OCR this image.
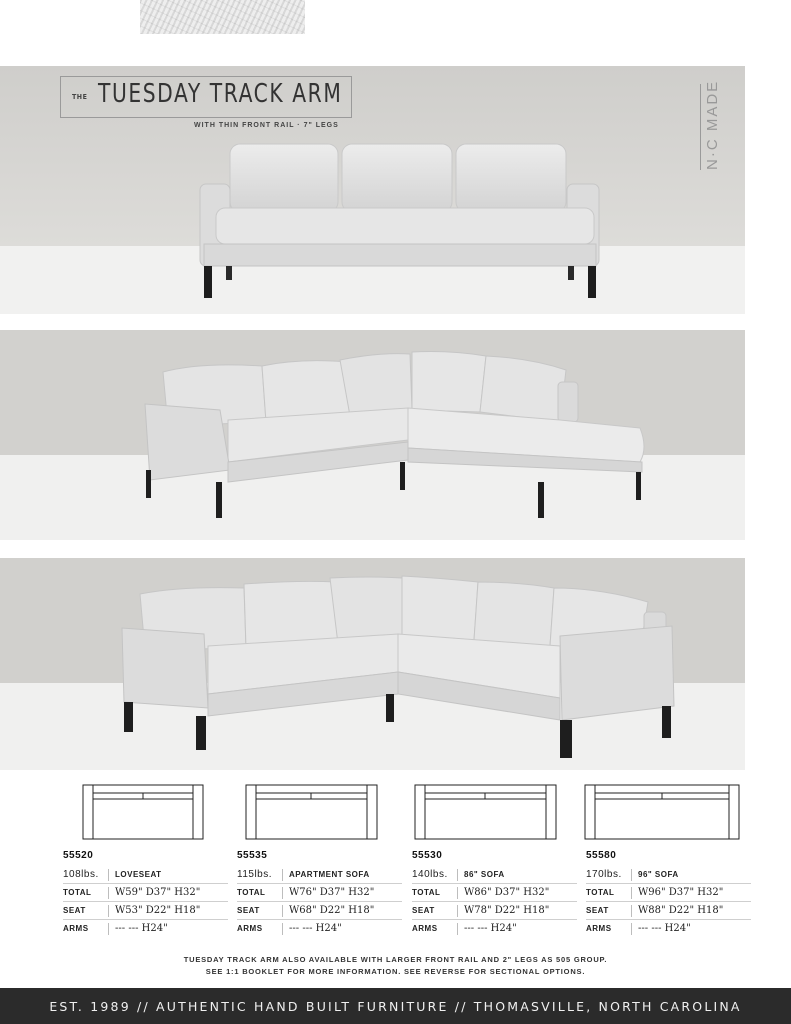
THE TUESDAY TRACK ARM
WITH THIN FRONT RAIL · 7" LEGS	N·C MADE
55520
108lbs.	LOVESEAT
TOTAL	W59" D37" H32"
SEAT	W53" D22" H18"
ARMS	--- --- H24"
55535
115lbs.	APARTMENT SOFA
TOTAL	W76" D37" H32"
SEAT	W68" D22" H18"
ARMS	--- --- H24"
55530
140lbs.	86" SOFA
TOTAL	W86" D37" H32"
SEAT	W78" D22" H18"
ARMS	--- --- H24"
55580
170lbs.	96" SOFA
TOTAL	W96" D37" H32"
SEAT	W88" D22" H18"
ARMS	--- --- H24"
TUESDAY TRACK ARM ALSO AVAILABLE WITH LARGER FRONT RAIL AND 2" LEGS AS 505 GROUP.
SEE 1:1 BOOKLET FOR MORE INFORMATION. SEE REVERSE FOR SECTIONAL OPTIONS.
EST. 1989 // AUTHENTIC HAND BUILT FURNITURE // THOMASVILLE, NORTH CAROLINA
